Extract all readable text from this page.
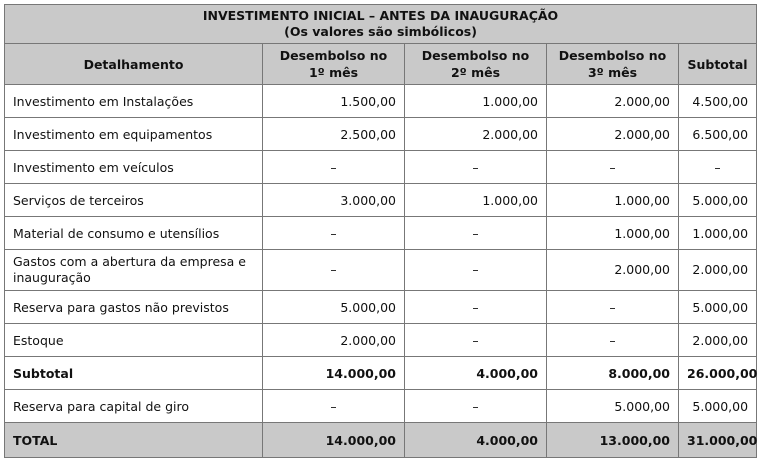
INVESTIMENTO INICIAL – ANTES DA INAUGURAÇÃO
(Os valores são simbólicos)				

Detalhamento	Desembolso no 1º mês	Desembolso no 2º mês	Desembolso no 3º mês	Subtotal
Investimento em Instalações	1.500,00	1.000,00	2.000,00	4.500,00
Investimento em equipamentos	2.500,00	2.000,00	2.000,00	6.500,00
Investimento em veículos	–	–	–	–
Serviços de terceiros	3.000,00	1.000,00	1.000,00	5.000,00
Material de consumo e utensílios	–	–	1.000,00	1.000,00
Gastos com a abertura da empresa e inauguração	–	–	2.000,00	2.000,00
Reserva para gastos não previstos	5.000,00	–	–	5.000,00
Estoque	2.000,00	–	–	2.000,00
Subtotal	14.000,00	4.000,00	8.000,00	26.000,00
Reserva para capital de giro	–	–	5.000,00	5.000,00
TOTAL	14.000,00	4.000,00	13.000,00	31.000,00
